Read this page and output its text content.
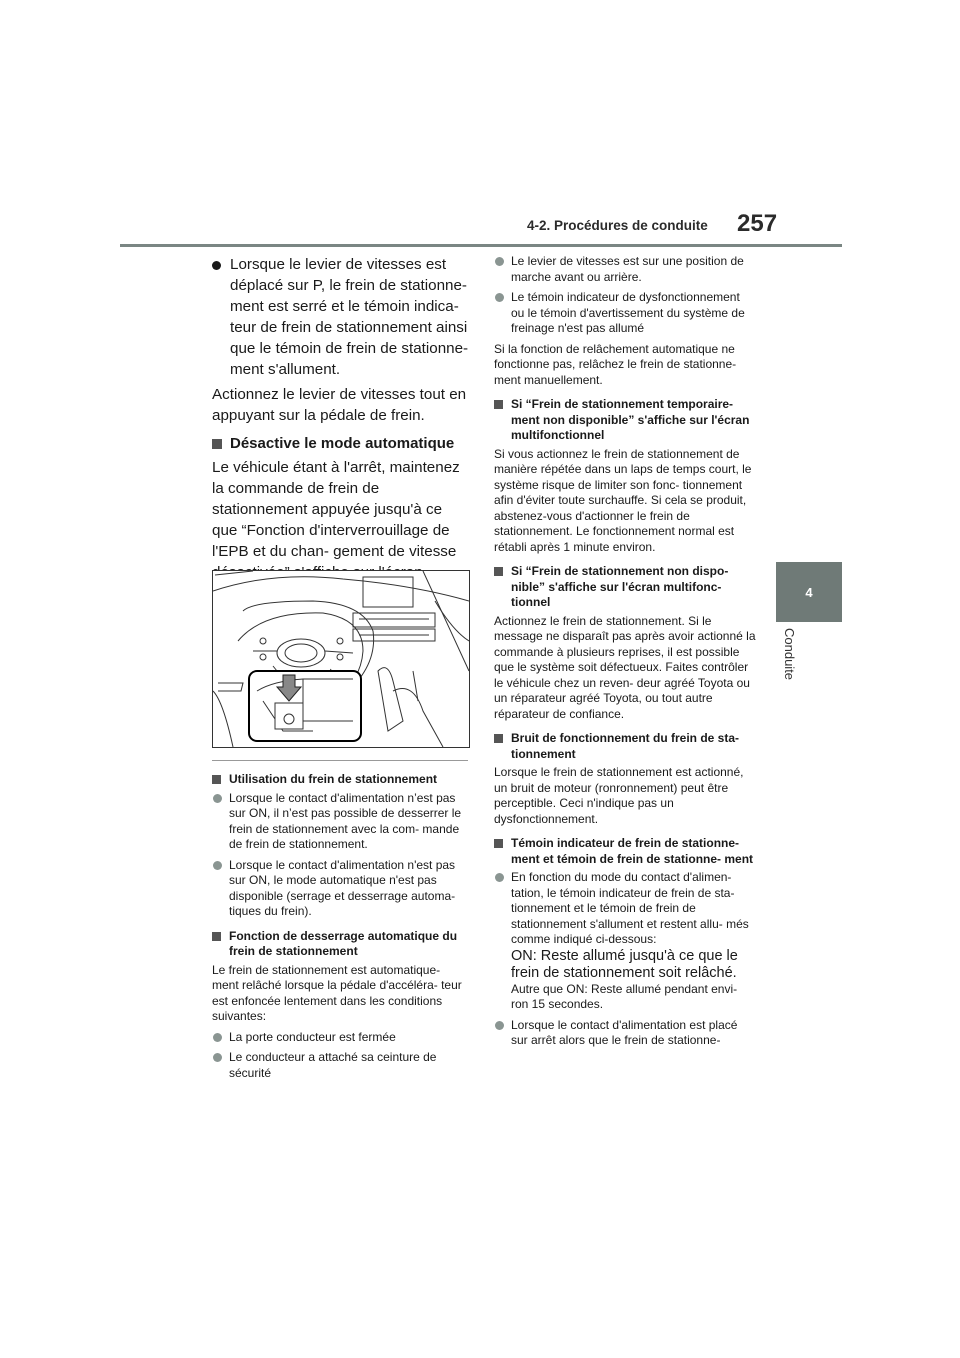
4-2. Procédures de conduite 257
4
Conduite

Lorsque le levier de vitesses est déplacé sur P, le frein de stationne- ment est serré et le témoin indica- teur de frein de stationnement ainsi que le témoin de frein de stationne- ment s'allument.

Actionnez le levier de vitesses tout en appuyant sur la pédale de frein.

Désactive le mode automatique

Le véhicule étant à l'arrêt, maintenez la commande de frein de stationnement appuyée jusqu'à ce que “Fonction d'interverrouillage de l'EPB et du chan- gement de vitesse

Utilisation du frein de stationnement

Lorsque le contact d'alimentation n’est pas sur ON, il n’est pas possible de desserrer le frein de stationnement avec la com- mande de frein de stationnement.

Lorsque le contact d'alimentation n'est pas sur ON, le mode automatique n'est pas disponible (serrage et desserrage automa- tiques du frein).

Fonction de desserrage automatique du frein de stationnement

Le frein de stationnement est automatique- ment relâché lorsque la pédale d'accéléra- teur est enfoncée lentement dans les conditions suivantes:

La porte conducteur est fermée

Le conducteur a attaché sa ceinture de sécurité

Le levier de vitesses est sur une position de marche avant ou arrière.

Le témoin indicateur de dysfonctionnement ou le témoin d'avertissement du système de freinage n'est pas allumé

Si la fonction de relâchement automatique ne fonctionne pas, relâchez le frein de stationne- ment manuellement.

Si “Frein de stationnement temporaire- ment non disponible” s'affiche sur l'écran multifonctionnel

Si vous actionnez le frein de stationnement de manière répétée dans un laps de temps court, le système risque de limiter son fonc- tionnement afin d'éviter toute surchauffe. Si cela se produit, abstenez-vous d'actionner le frein de stationnement. Le fonctionnement normal est rétabli après 1 minute environ.

Si “Frein de stationnement non dispo- nible” s'affiche sur l'écran multifonc- tionnel

Actionnez le frein de stationnement. Si le message ne disparaît pas après avoir actionné la commande à plusieurs reprises, il est possible que le système soit défectueux. Faites contrôler le véhicule chez un reven- deur agréé Toyota ou un réparateur agréé Toyota, ou tout autre réparateur de confiance.

Bruit de fonctionnement du frein de sta- tionnement

Lorsque le frein de stationnement est actionné, un bruit de moteur (ronronnement) peut être perceptible. Ceci n'indique pas un dysfonctionnement.

Témoin indicateur de frein de stationne- ment et témoin de frein de stationne- ment
En fonction du mode du contact d'alimen- tation, le témoin indicateur de frein de sta- tionnement et le témoin de frein de stationnement s'allument et restent allu- més comme indiqué ci-dessous:
ON: Reste allumé jusqu'à ce que le frein de stationnement soit relâché.
Autre que ON: Reste allumé pendant envi- ron 15 secondes.

Lorsque le contact d'alimentation est placé sur arrêt alors que le frein de stationne-
